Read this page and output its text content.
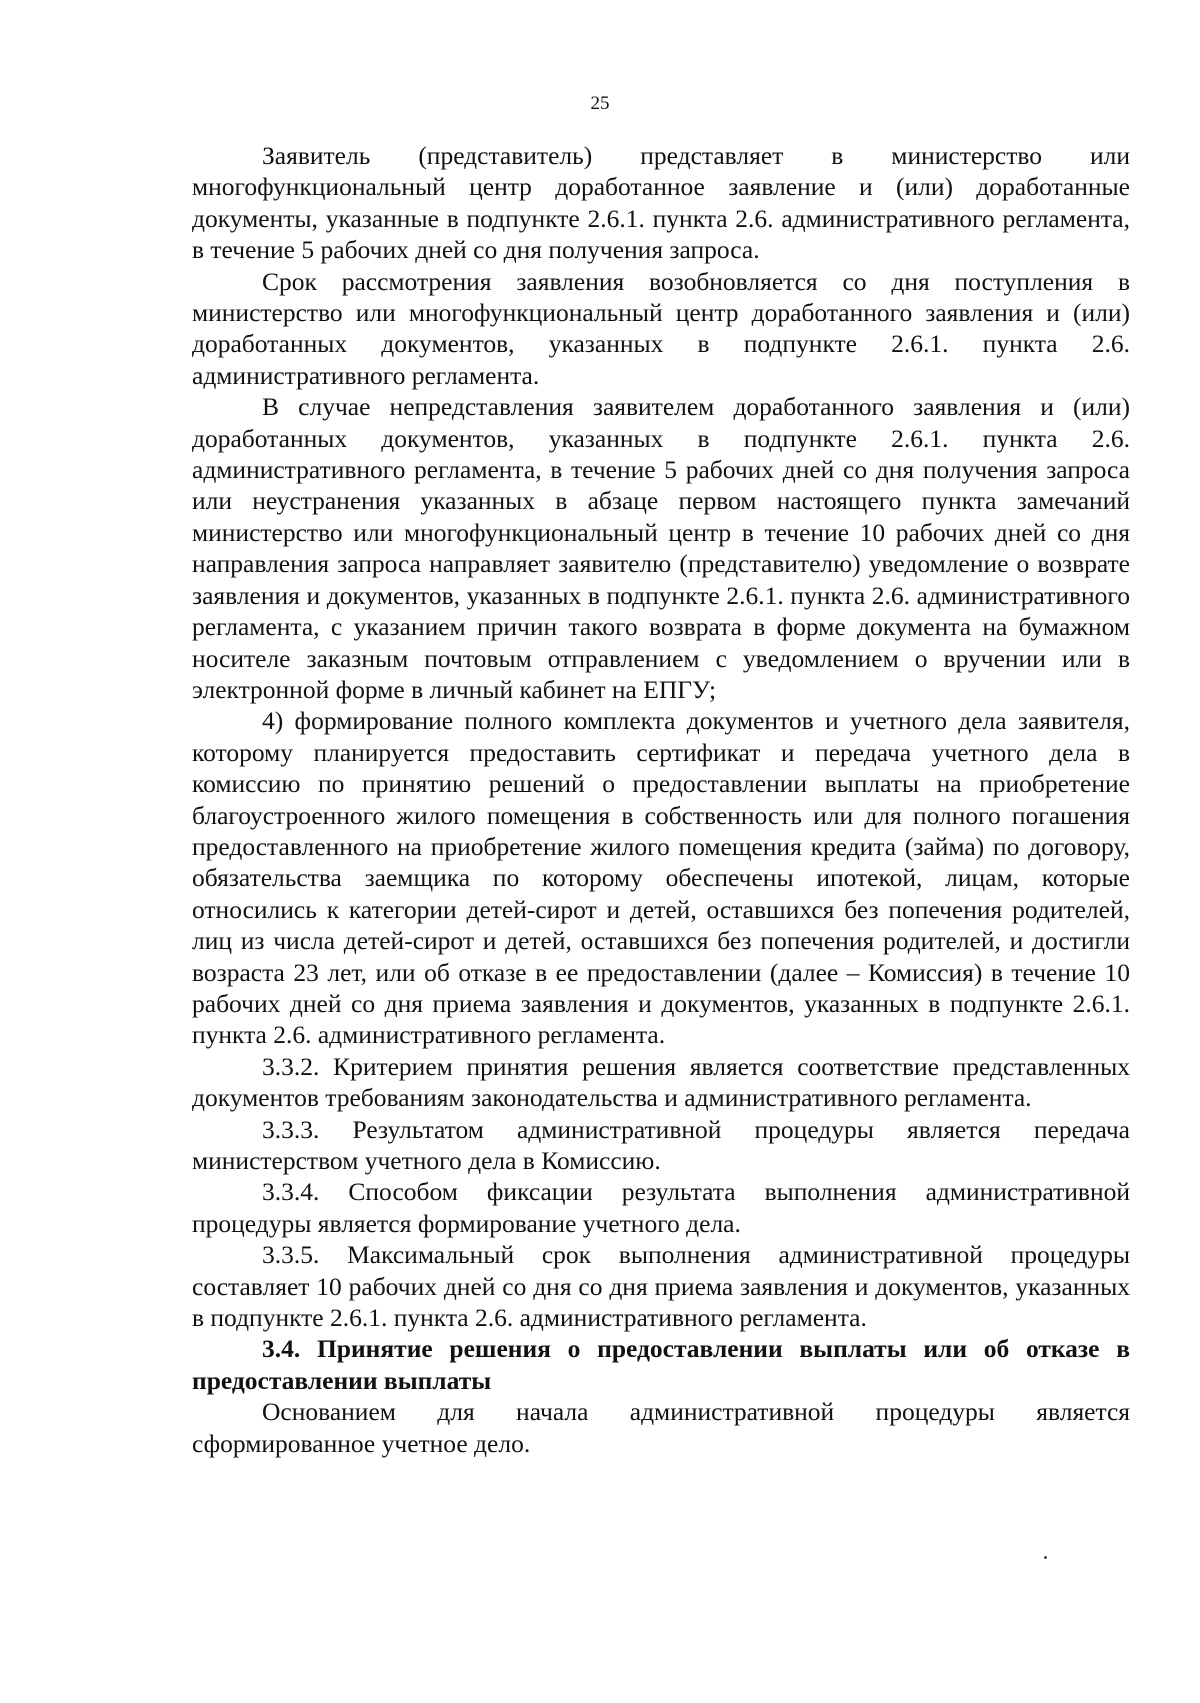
25

Заявитель (представитель) представляет в министерство или многофункциональный центр доработанное заявление и (или) доработанные документы, указанные в подпункте 2.6.1. пункта 2.6. административного регламента, в течение 5 рабочих дней со дня получения запроса.

Срок рассмотрения заявления возобновляется со дня поступления в министерство или многофункциональный центр доработанного заявления и (или) доработанных документов, указанных в подпункте 2.6.1. пункта 2.6. административного регламента.

В случае непредставления заявителем доработанного заявления и (или) доработанных документов, указанных в подпункте 2.6.1. пункта 2.6. административного регламента, в течение 5 рабочих дней со дня получения запроса или неустранения указанных в абзаце первом настоящего пункта замечаний министерство или многофункциональный центр в течение 10 рабочих дней со дня направления запроса направляет заявителю (представителю) уведомление о возврате заявления и документов, указанных в подпункте 2.6.1. пункта 2.6. административного регламента, с указанием причин такого возврата в форме документа на бумажном носителе заказным почтовым отправлением с уведомлением о вручении или в электронной форме в личный кабинет на ЕПГУ;

4) формирование полного комплекта документов и учетного дела заявителя, которому планируется предоставить сертификат и передача учетного дела в комиссию по принятию решений о предоставлении выплаты на приобретение благоустроенного жилого помещения в собственность или для полного погашения предоставленного на приобретение жилого помещения кредита (займа) по договору, обязательства заемщика по которому обеспечены ипотекой, лицам, которые относились к категории детей-сирот и детей, оставшихся без попечения родителей, лиц из числа детей-сирот и детей, оставшихся без попечения родителей, и достигли возраста 23 лет, или об отказе в ее предоставлении (далее – Комиссия) в течение 10 рабочих дней со дня приема заявления и документов, указанных в подпункте 2.6.1. пункта 2.6. административного регламента.

3.3.2. Критерием принятия решения является соответствие представленных документов требованиям законодательства и административного регламента.

3.3.3. Результатом административной процедуры является передача министерством учетного дела в Комиссию.

3.3.4. Способом фиксации результата выполнения административной процедуры является формирование учетного дела.

3.3.5. Максимальный срок выполнения административной процедуры составляет 10 рабочих дней со дня со дня приема заявления и документов, указанных в подпункте 2.6.1. пункта 2.6. административного регламента.

3.4. Принятие решения о предоставлении выплаты или об отказе в предоставлении выплаты

Основанием для начала административной процедуры является сформированное учетное дело.
